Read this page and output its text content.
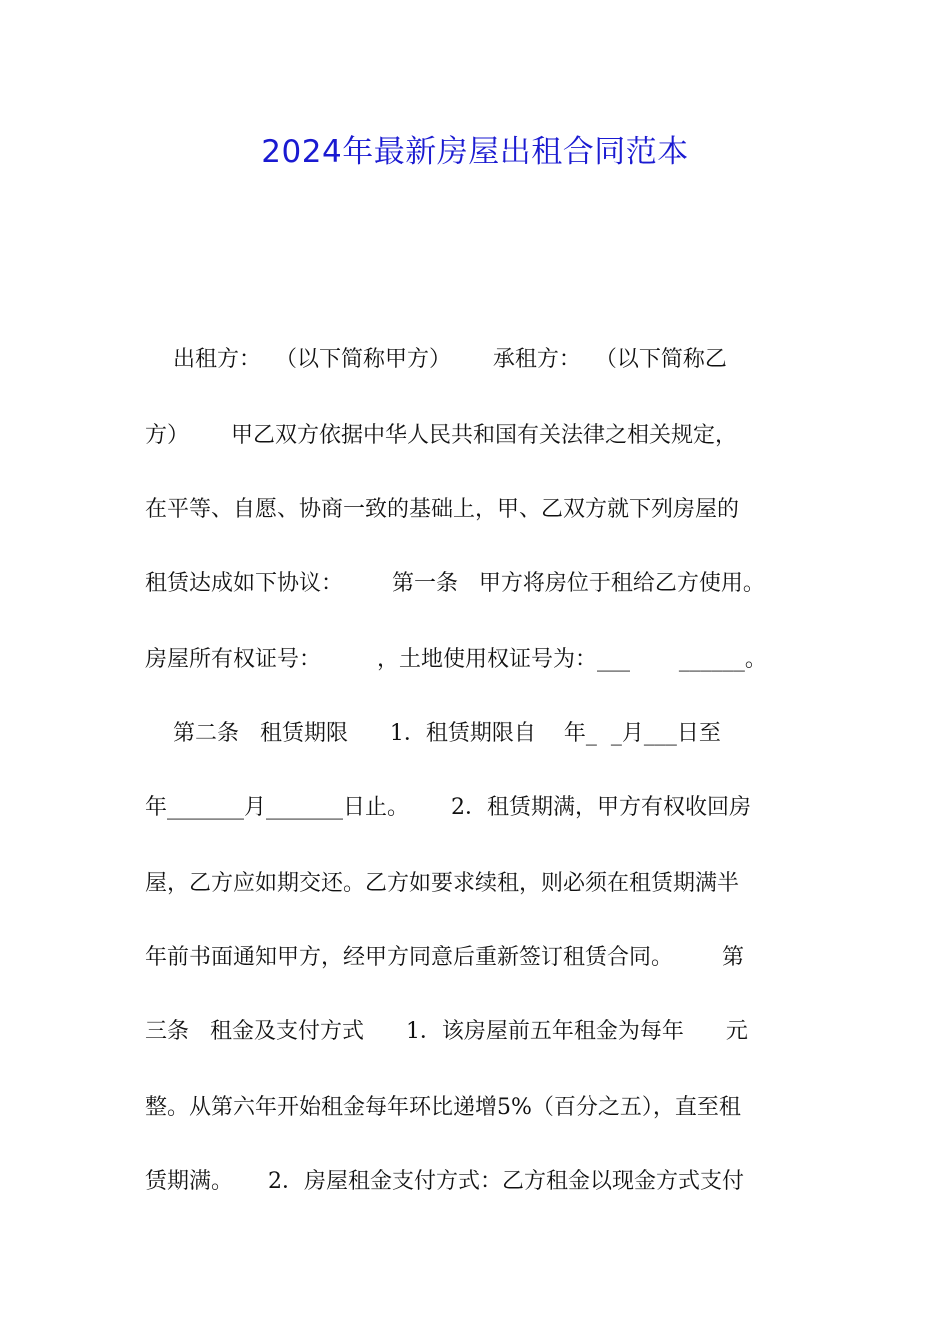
2024年最新房屋出租合同范本

出租方：  （以下简称甲方）      承租方：  （以下简称乙

方）      甲乙双方依据中华人民共和国有关法律之相关规定，

在平等、自愿、协商一致的基础上，甲、乙双方就下列房屋的

租赁达成如下协议：       第一条   甲方将房位于租给乙方使用。

房屋所有权证号：        ，土地使用权证号为：___       ______。

第二条   租赁期限      1．租赁期限自    年_  _月___日至

年_______月_______日止。      2．租赁期满，甲方有权收回房

屋，乙方应如期交还。乙方如要求续租，则必须在租赁期满半

年前书面通知甲方，经甲方同意后重新签订租赁合同。       第

三条   租金及支付方式      1．该房屋前五年租金为每年      元

整。从第六年开始租金每年环比递增5%（百分之五），直至租

赁期满。     2．房屋租金支付方式：乙方租金以现金方式支付
